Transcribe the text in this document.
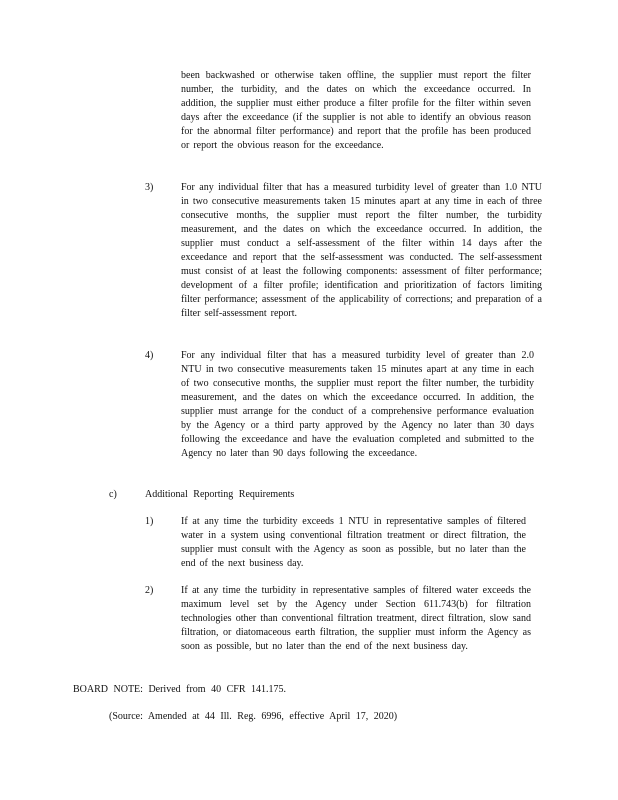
been backwashed or otherwise taken offline, the supplier must report the filter number, the turbidity, and the dates on which the exceedance occurred. In addition, the supplier must either produce a filter profile for the filter within seven days after the exceedance (if the supplier is not able to identify an obvious reason for the abnormal filter performance) and report that the profile has been produced or report the obvious reason for the exceedance.
3)	For any individual filter that has a measured turbidity level of greater than 1.0 NTU in two consecutive measurements taken 15 minutes apart at any time in each of three consecutive months, the supplier must report the filter number, the turbidity measurement, and the dates on which the exceedance occurred. In addition, the supplier must conduct a self-assessment of the filter within 14 days after the exceedance and report that the self-assessment was conducted. The self-assessment must consist of at least the following components: assessment of filter performance; development of a filter profile; identification and prioritization of factors limiting filter performance; assessment of the applicability of corrections; and preparation of a filter self-assessment report.
4)	For any individual filter that has a measured turbidity level of greater than 2.0 NTU in two consecutive measurements taken 15 minutes apart at any time in each of two consecutive months, the supplier must report the filter number, the turbidity measurement, and the dates on which the exceedance occurred. In addition, the supplier must arrange for the conduct of a comprehensive performance evaluation by the Agency or a third party approved by the Agency no later than 30 days following the exceedance and have the evaluation completed and submitted to the Agency no later than 90 days following the exceedance.
c)	Additional Reporting Requirements
1)	If at any time the turbidity exceeds 1 NTU in representative samples of filtered water in a system using conventional filtration treatment or direct filtration, the supplier must consult with the Agency as soon as possible, but no later than the end of the next business day.
2)	If at any time the turbidity in representative samples of filtered water exceeds the maximum level set by the Agency under Section 611.743(b) for filtration technologies other than conventional filtration treatment, direct filtration, slow sand filtration, or diatomaceous earth filtration, the supplier must inform the Agency as soon as possible, but no later than the end of the next business day.
BOARD NOTE: Derived from 40 CFR 141.175.
(Source: Amended at 44 Ill. Reg. 6996, effective April 17, 2020)
